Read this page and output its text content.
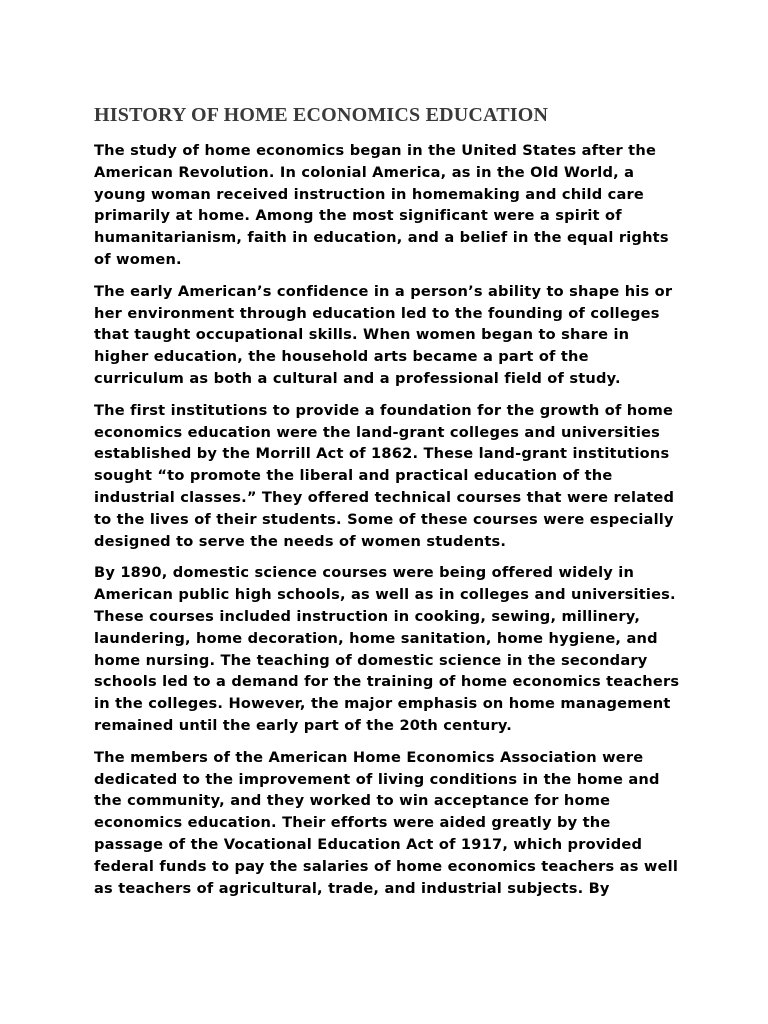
HISTORY OF HOME ECONOMICS EDUCATION

The study of home economics began in the United States after the American Revolution. In colonial America, as in the Old World, a young woman received instruction in homemaking and child care primarily at home. Among the most significant were a spirit of humanitarianism, faith in education, and a belief in the equal rights of women.

The early American’s confidence in a person’s ability to shape his or her environment through education led to the founding of colleges that taught occupational skills. When women began to share in higher education, the household arts became a part of the curriculum as both a cultural and a professional field of study.

The first institutions to provide a foundation for the growth of home economics education were the land-grant colleges and universities established by the Morrill Act of 1862. These land-grant institutions sought “to promote the liberal and practical education of the industrial classes.” They offered technical courses that were related to the lives of their students. Some of these courses were especially designed to serve the needs of women students.

By 1890, domestic science courses were being offered widely in American public high schools, as well as in colleges and universities. These courses included instruction in cooking, sewing, millinery, laundering, home decoration, home sanitation, home hygiene, and home nursing. The teaching of domestic science in the secondary schools led to a demand for the training of home economics teachers in the colleges. However, the major emphasis on home management remained until the early part of the 20th century.

The members of the American Home Economics Association were dedicated to the improvement of living conditions in the home and the community, and they worked to win acceptance for home economics education. Their efforts were aided greatly by the passage of the Vocational Education Act of 1917, which provided federal funds to pay the salaries of home economics teachers as well as teachers of agricultural, trade, and industrial subjects. By
